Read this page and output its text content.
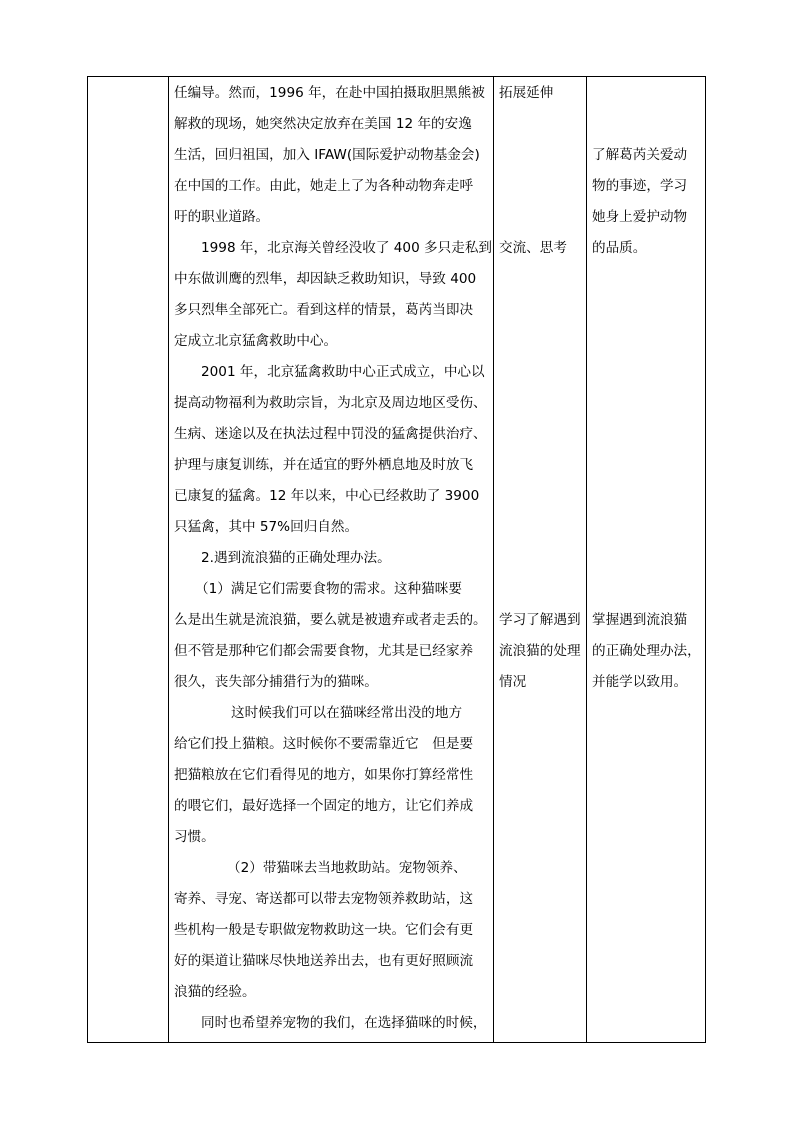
任编导。然而，1996 年，在赴中国拍摄取胆黑熊被
解救的现场，她突然决定放弃在美国 12 年的安逸
生活，回归祖国，加入 IFAW(国际爱护动物基金会)
在中国的工作。由此，她走上了为各种动物奔走呼
吁的职业道路。
1998 年，北京海关曾经没收了 400 多只走私到
中东做训鹰的烈隼，却因缺乏救助知识，导致 400
多只烈隼全部死亡。看到这样的情景，葛芮当即决
定成立北京猛禽救助中心。
2001 年，北京猛禽救助中心正式成立，中心以
提高动物福利为救助宗旨，为北京及周边地区受伤、
生病、迷途以及在执法过程中罚没的猛禽提供治疗、
护理与康复训练，并在适宜的野外栖息地及时放飞
已康复的猛禽。12 年以来，中心已经救助了 3900
只猛禽，其中 57%回归自然。
2.遇到流浪猫的正确处理办法。
（1）满足它们需要食物的需求。这种猫咪要
么是出生就是流浪猫，要么就是被遗弃或者走丢的。
但不管是那种它们都会需要食物，尤其是已经家养
很久，丧失部分捕猎行为的猫咪。
这时候我们可以在猫咪经常出没的地方
给它们投上猫粮。这时候你不要需靠近它　但是要
把猫粮放在它们看得见的地方，如果你打算经常性
的喂它们，最好选择一个固定的地方，让它们养成
习惯。
（2）带猫咪去当地救助站。宠物领养、
寄养、寻宠、寄送都可以带去宠物领养救助站，这
些机构一般是专职做宠物救助这一块。它们会有更
好的渠道让猫咪尽快地送养出去，也有更好照顾流
浪猫的经验。
同时也希望养宠物的我们，在选择猫咪的时候，
拓展延伸
交流、思考
学习了解遇到
流浪猫的处理
情况
了解葛芮关爱动
物的事迹，学习
她身上爱护动物
的品质。
掌握遇到流浪猫
的正确处理办法，
并能学以致用。
